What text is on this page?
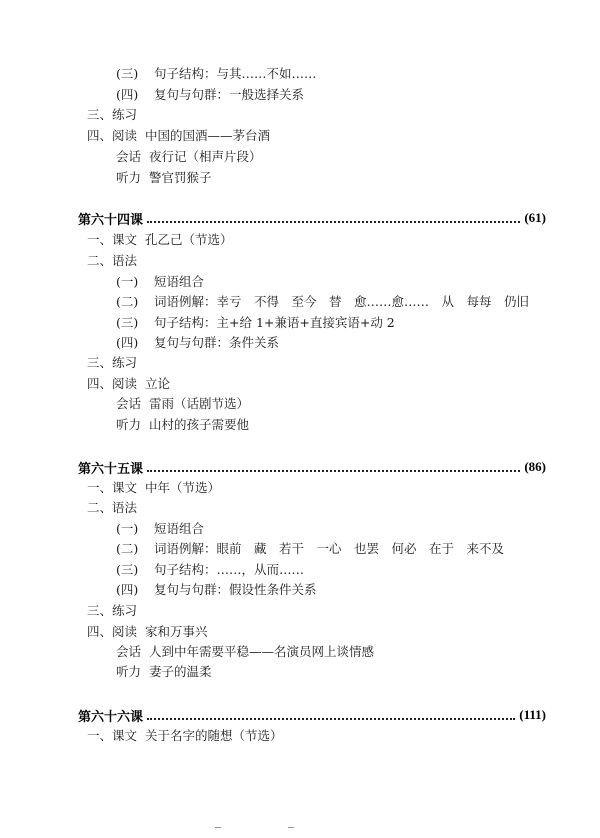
(三) 句子结构：与其……不如……
(四) 复句与句群：一般选择关系
三、练习
四、阅读 中国的国酒——茅台酒
会话 夜行记（相声片段）
听力 警官罚猴子
第六十四课	(61)
一、课文 孔乙己（节选）
二、语法
(一) 短语组合
(二) 词语例解：幸亏　不得　至今　替　愈……愈……　从　每每　仍旧
(三) 句子结构：主+给 1+兼语+直接宾语+动 2
(四) 复句与句群：条件关系
三、练习
四、阅读 立论
会话 雷雨（话剧节选）
听力 山村的孩子需要他
第六十五课	(86)
一、课文 中年（节选）
二、语法
(一) 短语组合
(二) 词语例解：眼前　藏　若干　一心　也罢　何必　在于　来不及
(三) 句子结构：……，从而……
(四) 复句与句群：假设性条件关系
三、练习
四、阅读 家和万事兴
会话 人到中年需要平稳——名演员网上谈情感
听力 妻子的温柔
第六十六课	(111)
一、课文 关于名字的随想（节选）
